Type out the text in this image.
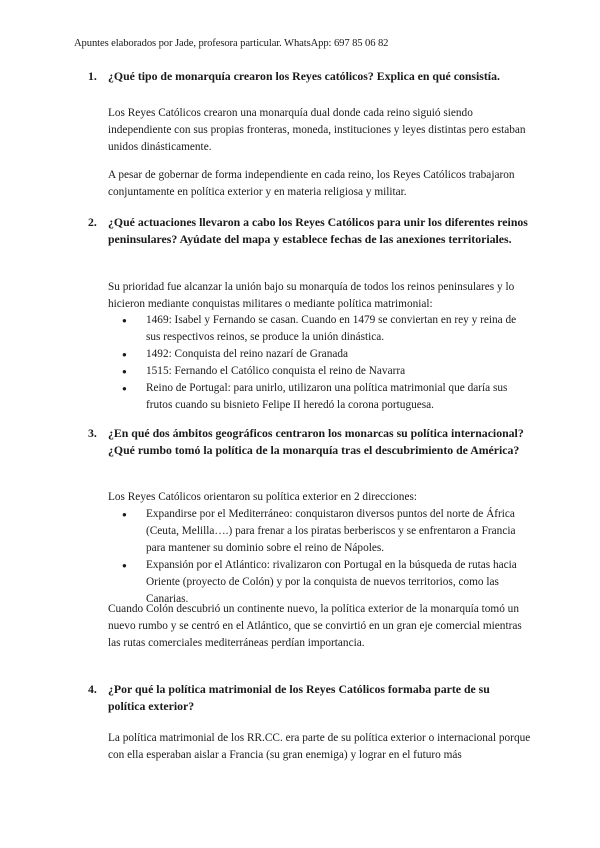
Apuntes elaborados por Jade, profesora particular. WhatsApp: 697 85 06 82
1. ¿Qué tipo de monarquía crearon los Reyes católicos? Explica en qué consistía.
Los Reyes Católicos crearon una monarquía dual donde cada reino siguió siendo independiente con sus propias fronteras, moneda, instituciones y leyes distintas pero estaban unidos dinásticamente.
A pesar de gobernar de forma independiente en cada reino, los Reyes Católicos trabajaron conjuntamente en política exterior y en materia religiosa y militar.
2. ¿Qué actuaciones llevaron a cabo los Reyes Católicos para unir los diferentes reinos peninsulares? Ayúdate del mapa y establece fechas de las anexiones territoriales.
Su prioridad fue alcanzar la unión bajo su monarquía de todos los reinos peninsulares y lo hicieron mediante conquistas militares o mediante política matrimonial:
● 1469: Isabel y Fernando se casan. Cuando en 1479 se conviertan en rey y reina de sus respectivos reinos, se produce la unión dinástica.
● 1492: Conquista del reino nazarí de Granada
● 1515: Fernando el Católico conquista el reino de Navarra
● Reino de Portugal: para unirlo, utilizaron una política matrimonial que daría sus frutos cuando su bisnieto Felipe II heredó la corona portuguesa.
3. ¿En qué dos ámbitos geográficos centraron los monarcas su política internacional? ¿Qué rumbo tomó la política de la monarquía tras el descubrimiento de América?
Los Reyes Católicos orientaron su política exterior en 2 direcciones:
● Expandirse por el Mediterráneo: conquistaron diversos puntos del norte de África (Ceuta, Melilla….) para frenar a los piratas berberiscos y se enfrentaron a Francia para mantener su dominio sobre el reino de Nápoles.
● Expansión por el Atlántico: rivalizaron con Portugal en la búsqueda de rutas hacia Oriente (proyecto de Colón) y por la conquista de nuevos territorios, como las Canarias.
Cuando Colón descubrió un continente nuevo, la política exterior de la monarquía tomó un nuevo rumbo y se centró en el Atlántico, que se convirtió en un gran eje comercial mientras las rutas comerciales mediterráneas perdían importancia.
4. ¿Por qué la política matrimonial de los Reyes Católicos formaba parte de su política exterior?
La política matrimonial de los RR.CC. era parte de su política exterior o internacional porque con ella esperaban aislar a Francia (su gran enemiga) y lograr en el futuro más
